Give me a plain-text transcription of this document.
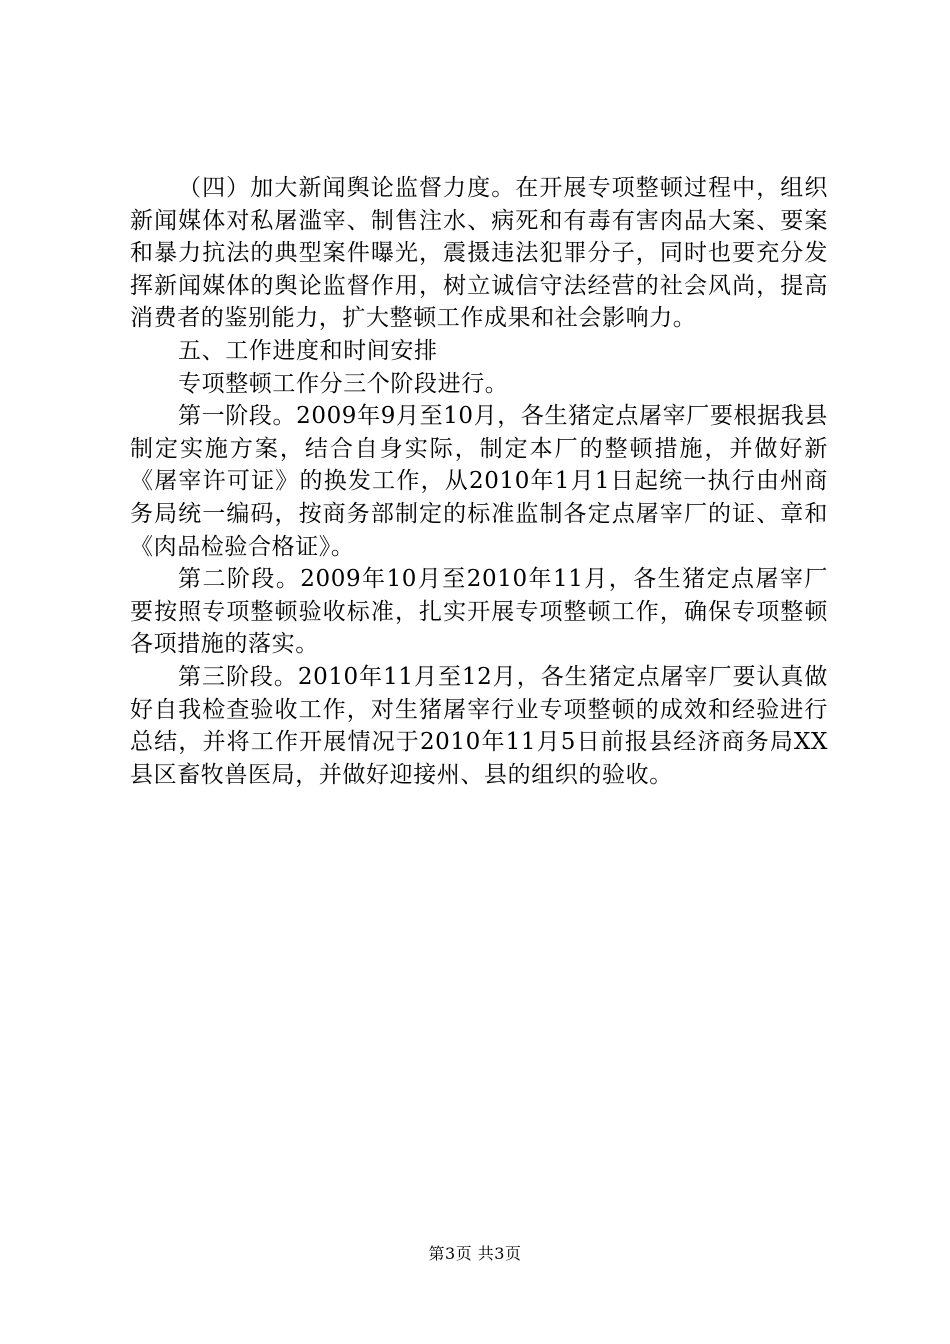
（四）加大新闻舆论监督力度。在开展专项整顿过程中，组织新闻媒体对私屠滥宰、制售注水、病死和有毒有害肉品大案、要案和暴力抗法的典型案件曝光，震摄违法犯罪分子，同时也要充分发挥新闻媒体的舆论监督作用，树立诚信守法经营的社会风尚，提高消费者的鉴别能力，扩大整顿工作成果和社会影响力。

五、工作进度和时间安排

专项整顿工作分三个阶段进行。

第一阶段。2009年9月至10月，各生猪定点屠宰厂要根据我县制定实施方案，结合自身实际，制定本厂的整顿措施，并做好新《屠宰许可证》的换发工作，从2010年1月1日起统一执行由州商务局统一编码，按商务部制定的标准监制各定点屠宰厂的证、章和《肉品检验合格证》。

第二阶段。2009年10月至2010年11月，各生猪定点屠宰厂要按照专项整顿验收标准，扎实开展专项整顿工作，确保专项整顿各项措施的落实。

第三阶段。2010年11月至12月，各生猪定点屠宰厂要认真做好自我检查验收工作，对生猪屠宰行业专项整顿的成效和经验进行总结，并将工作开展情况于2010年11月5日前报县经济商务局XX县区畜牧兽医局，并做好迎接州、县的组织的验收。

第3页 共3页
